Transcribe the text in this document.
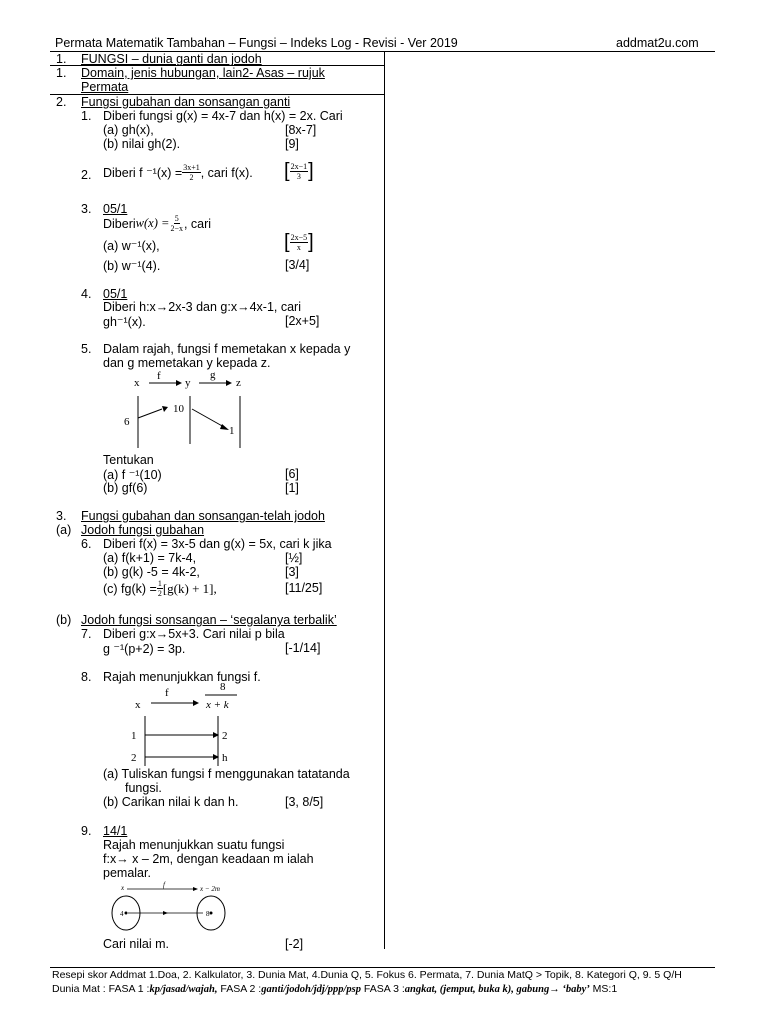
Permata Matematik Tambahan – Fungsi – Indeks Log - Revisi - Ver 2019	addmat2u.com
1. FUNGSI – dunia ganti dan jodoh
1. Domain, jenis hubungan, lain2- Asas – rujuk
Permata
2. Fungsi gubahan dan sonsangan ganti
1. Diberi fungsi g(x) = 4x-7 dan h(x) = 2x. Cari
(a) gh(x),	[8x-7]
(b) nilai gh(2).	[9]
2. Diberi f $^{-1}(x) = \frac{3x+1}{2}$ , cari f(x).	[ $\frac{2x-1}{3}$
]
3. 05/1
Diberi $w(x) = \frac{5}{2-x}$ , cari
(a) w⁻¹(x),	[ $\frac{2x-5}{x}$
]
(b) w⁻¹(4).	[3/4]
4. 05/1
Diberi h:x→2x-3 dan g:x→4x-1, cari
gh⁻¹(x).	[2x+5]
5. Dalam rajah, fungsi f memetakan x kepada y
dan g memetakan y kepada z.
x
f
y
g
z
6
10
1
Tentukan
(a) f ⁻¹(10)	[6]
(b) gf(6)	[1]
3. Fungsi gubahan dan sonsangan-telah jodoh
(a) Jodoh fungsi gubahan
6. Diberi f(x) = 3x-5 dan g(x) = 5x, cari k jika
(a) f(k+1) = 7k-4,	[½]
(b) g(k) -5 = 4k-2,	[3]
(c) $fg(k) = \frac{1}{2} [g(k) + 1]$,	[11/25]
(b) Jodoh fungsi sonsangan – ‘segalanya terbalik’
7. Diberi g:x→5x+3. Cari nilai p bila
g ⁻¹(p+2) = 3p.	[-1/14]
8. Rajah menunjukkan fungsi f.
x
f	8
x + k
1
2
2
h
(a) Tuliskan fungsi f menggunakan tatatanda
fungsi.
(b) Carikan nilai k dan h.	[3, 8/5]
9. 14/1
Rajah menunjukkan suatu fungsi
f:x→ x – 2m, dengan keadaan m ialah
pemalar.
x	f	x − 2m
4	8
Cari nilai m.	[-2]
Resepi skor Addmat 1.Doa, 2. Kalkulator, 3. Dunia Mat, 4.Dunia Q, 5. Fokus 6. Permata, 7. Dunia MatQ > Topik, 8. Kategori Q, 9. 5 Q/H
Dunia Mat : FASA 1 :kp/jasad/wajah, FASA 2 :ganti/jodoh/jdj/ppp/psp FASA 3 :angkat, (jemput, buka k), gabung→ ‘baby’ MS:1
